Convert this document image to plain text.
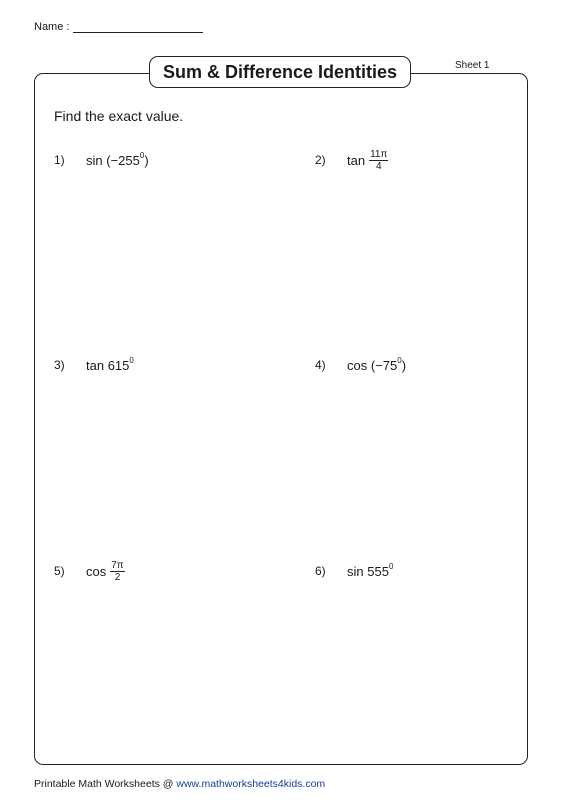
Name :
Sum & Difference Identities	Sheet 1
Find the exact value.
1)	sin
(−255 0 )	2)	$\tan \frac{11\pi}{4}$
3)	tan
615 0	4)	cos
(−75 0 )
5)	$\cos \frac{7\pi}{2}$	6)	sin
555 0
Printable Math Worksheets @ www.mathworksheets4kids.com
